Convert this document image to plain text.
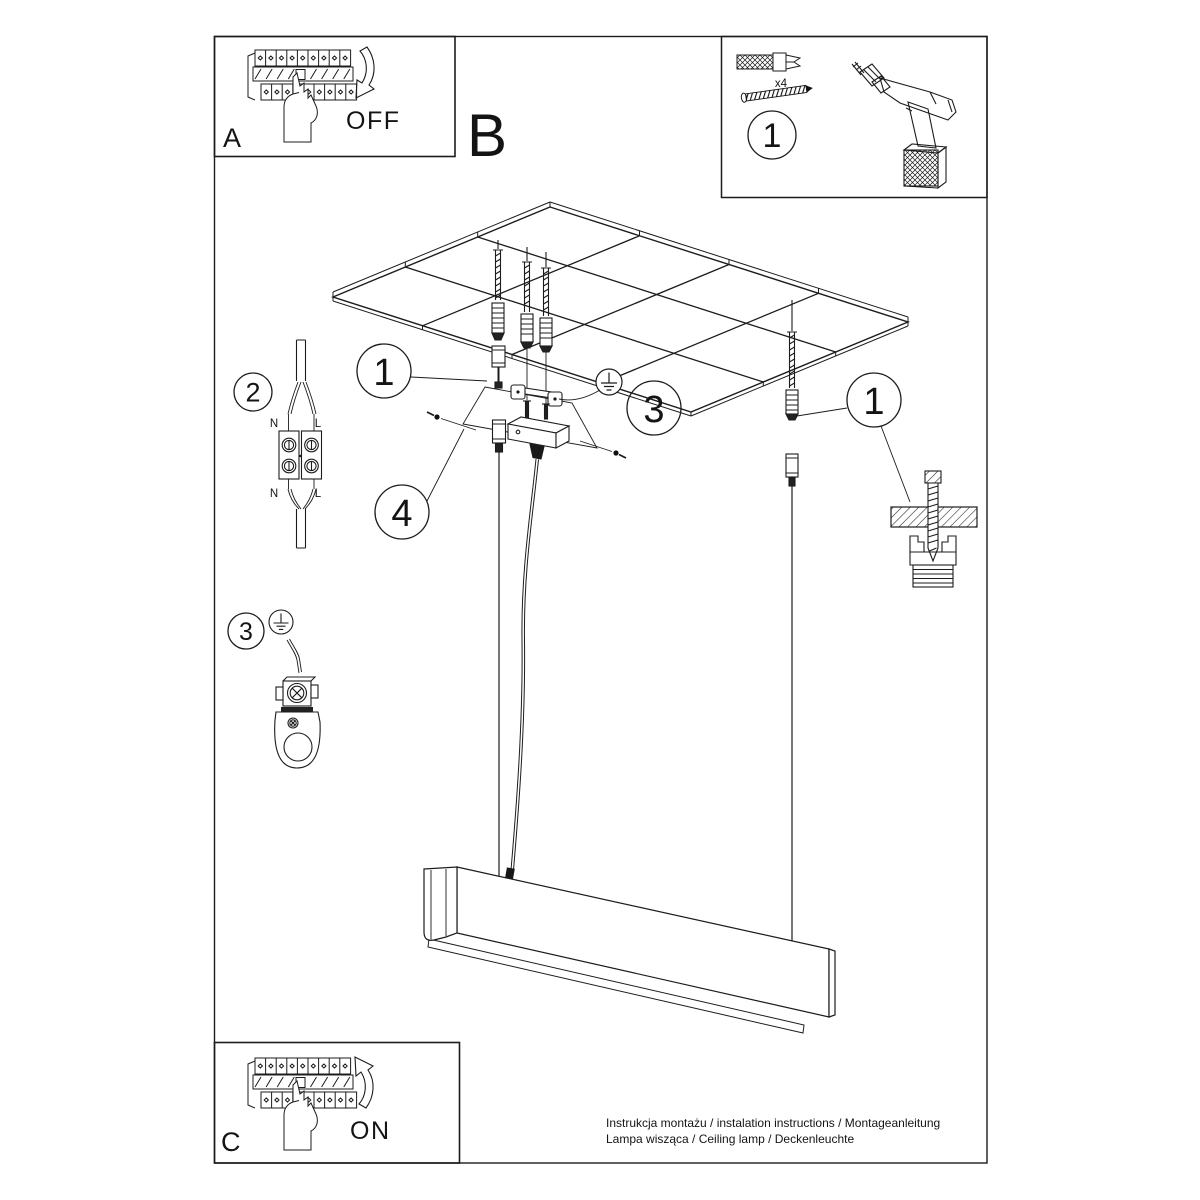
OFF
A	B
x4
1
1
3
4
1
2
N	L
N	L
3
ON
C
Instrukcja montażu / instalation instructions / Montageanleitung
Lampa wisząca / Ceiling lamp / Deckenleuchte
